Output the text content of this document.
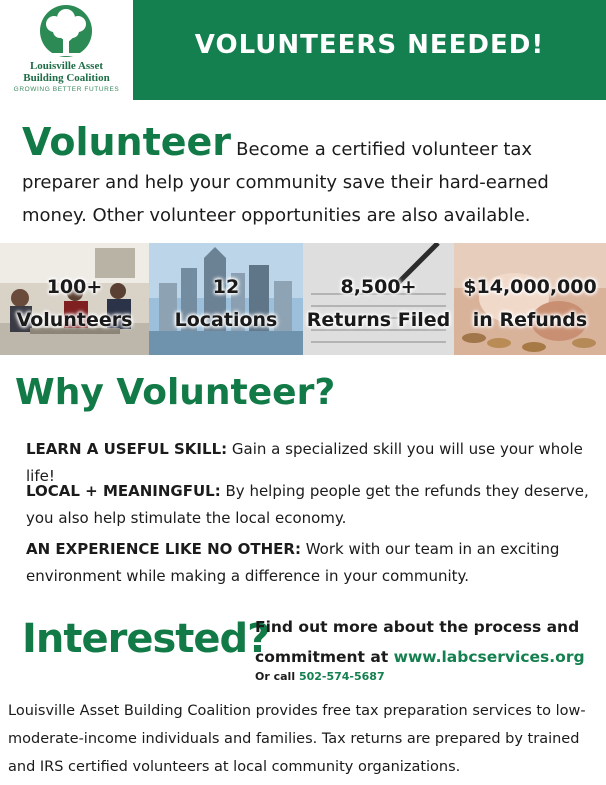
Louisville Asset
Building Coalition
GROWING BETTER FUTURES
VOLUNTEERS NEEDED!
Volunteer Become a certified volunteer tax preparer and help your community save their hard-earned money. Other volunteer opportunities are also available.
100+
Volunteers
12
Locations
8,500+
Returns Filed
$14,000,000
in Refunds
Why Volunteer?
LEARN A USEFUL SKILL: Gain a specialized skill you will use your whole life!
LOCAL + MEANINGFUL: By helping people get the refunds they deserve, you also help stimulate the local economy.
AN EXPERIENCE LIKE NO OTHER: Work with our team in an exciting environment while making a difference in your community.
Interested?
Find out more about the process and commitment at www.labcservices.org
Or call 502-574-5687
Louisville Asset Building Coalition provides free tax preparation services to low-moderate-income individuals and families. Tax returns are prepared by trained and IRS certified volunteers at local community organizations.
